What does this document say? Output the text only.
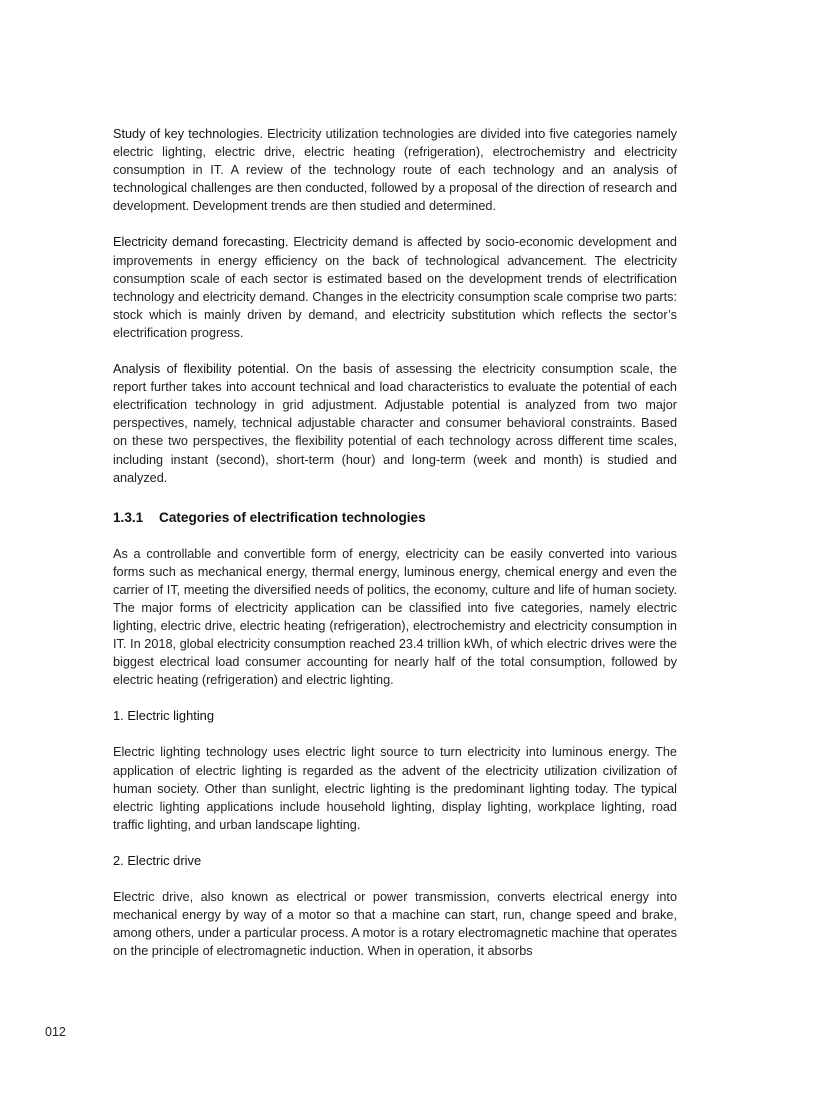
Study of key technologies. Electricity utilization technologies are divided into five categories namely electric lighting, electric drive, electric heating (refrigeration), electrochemistry and electricity consumption in IT. A review of the technology route of each technology and an analysis of technological challenges are then conducted, followed by a proposal of the direction of research and development. Development trends are then studied and determined.

Electricity demand forecasting. Electricity demand is affected by socio-economic development and improvements in energy efficiency on the back of technological advancement. The electricity consumption scale of each sector is estimated based on the development trends of electrification technology and electricity demand. Changes in the electricity consumption scale comprise two parts: stock which is mainly driven by demand, and electricity substitution which reflects the sector’s electrification progress.

Analysis of flexibility potential. On the basis of assessing the electricity consumption scale, the report further takes into account technical and load characteristics to evaluate the potential of each electrification technology in grid adjustment. Adjustable potential is analyzed from two major perspectives, namely, technical adjustable character and consumer behavioral constraints. Based on these two perspectives, the flexibility potential of each technology across different time scales, including instant (second), short-term (hour) and long-term (week and month) is studied and analyzed.

1.3.1 Categories of electrification technologies

As a controllable and convertible form of energy, electricity can be easily converted into various forms such as mechanical energy, thermal energy, luminous energy, chemical energy and even the carrier of IT, meeting the diversified needs of politics, the economy, culture and life of human society. The major forms of electricity application can be classified into five categories, namely electric lighting, electric drive, electric heating (refrigeration), electrochemistry and electricity consumption in IT. In 2018, global electricity consumption reached 23.4 trillion kWh, of which electric drives were the biggest electrical load consumer accounting for nearly half of the total consumption, followed by electric heating (refrigeration) and electric lighting.

1. Electric lighting

Electric lighting technology uses electric light source to turn electricity into luminous energy. The application of electric lighting is regarded as the advent of the electricity utilization civilization of human society. Other than sunlight, electric lighting is the predominant lighting today. The typical electric lighting applications include household lighting, display lighting, workplace lighting, road traffic lighting, and urban landscape lighting.

2. Electric drive

Electric drive, also known as electrical or power transmission, converts electrical energy into mechanical energy by way of a motor so that a machine can start, run, change speed and brake, among others, under a particular process. A motor is a rotary electromagnetic machine that operates on the principle of electromagnetic induction. When in operation, it absorbs

012
